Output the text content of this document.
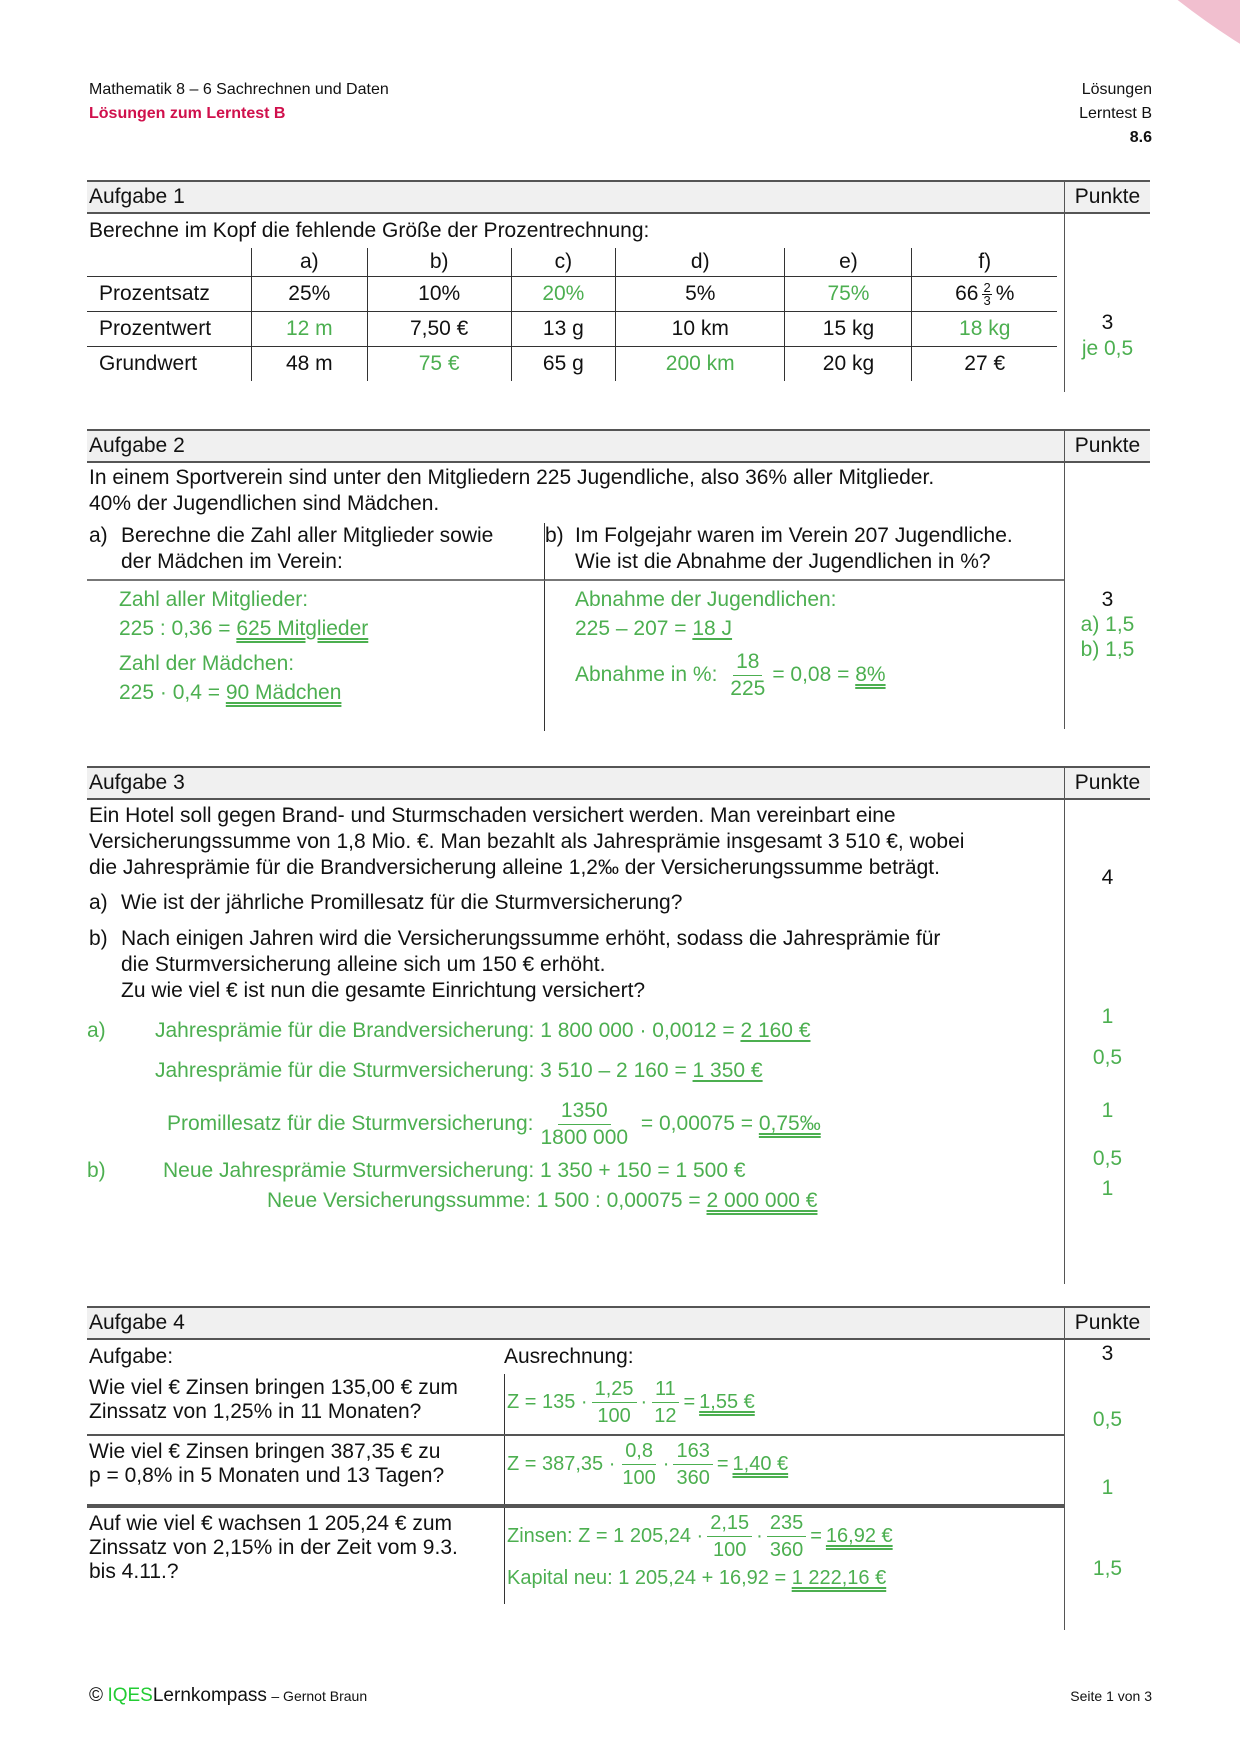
Mathematik 8 – 6 Sachrechnen und Daten
Lösungen zum Lerntest B
Lösungen
Lerntest B
8.6
Aufgabe 1	Punkte
Berechne im Kopf die fehlende Größe der Prozentrechnung:
	a)	b)	c)	d)	e)	f)
Prozentsatz	25%	10%	20%	5%	75%	$66 \frac{2}{3}$ %
Prozentwert	12 m	7,50 €	13 g	10 km	15 kg	18 kg
Grundwert	48 m	75 €	65 g	200 km	20 kg	27 €
3
je 0,5
Aufgabe 2	Punkte
In einem Sportverein sind unter den Mitgliedern 225 Jugendliche, also 36% aller Mitglieder.
40% der Jugendlichen sind Mädchen.
a) Berechne die Zahl aller Mitglieder sowie
der Mädchen im Verein:
b) Im Folgejahr waren im Verein 207 Jugendliche.
Wie ist die Abnahme der Jugendlichen in %?
Zahl aller Mitglieder:
225 : 0,36 = 625 Mitglieder
Zahl der Mädchen:
225 · 0,4 = 90 Mädchen
Abnahme der Jugendlichen:
225 – 207 = 18 J
Abnahme in %: $\frac{18}{225} = 0,08 = 8\%$
3
a) 1,5
b) 1,5
Aufgabe 3	Punkte
Ein Hotel soll gegen Brand- und Sturmschaden versichert werden. Man vereinbart eine
Versicherungssumme von 1,8 Mio. €. Man bezahlt als Jahresprämie insgesamt 3 510 €, wobei
die Jahresprämie für die Brandversicherung alleine 1,2‰ der Versicherungssumme beträgt.
a) Wie ist der jährliche Promillesatz für die Sturmversicherung?
b) Nach einigen Jahren wird die Versicherungssumme erhöht, sodass die Jahresprämie für
die Sturmversicherung alleine sich um 150 € erhöht.
Zu wie viel € ist nun die gesamte Einrichtung versichert?
a) Jahresprämie für die Brandversicherung: 1 800 000 · 0,0012 = 2 160 €
Jahresprämie für die Sturmversicherung: 3 510 – 2 160 = 1 350 €
Promillesatz für die Sturmversicherung: $\frac{1350}{1800 000} = 0,00075$ = 0,75‰
b)	Neue Jahresprämie Sturmversicherung: 1 350 + 150 = 1 500 €
Neue Versicherungssumme: 1 500 : 0,00075 = 2 000 000 €
4
1
0,5
1
0,5
1
Aufgabe 4	Punkte
Aufgabe:	Ausrechnung:
Wie viel € Zinsen bringen 135,00 € zum
Zinssatz von 1,25% in 11 Monaten?	$Z = 135 \cdot \frac{1,25}{100} \cdot \frac{11}{12} = 1,55$ €
Wie viel € Zinsen bringen 387,35 € zu
p = 0,8% in 5 Monaten und 13 Tagen?	$Z = 387,35 \cdot \frac{0,8}{100} \cdot \frac{163}{360} = 1,40$ €
Auf wie viel € wachsen 1 205,24 € zum
Zinssatz von 2,15% in der Zeit vom 9.3.
bis 4.11.?
Zinsen: Z = 1 $205,24 \cdot \frac{2,15}{100} \cdot \frac{235}{360} = 16,92$ €
Kapital neu: 1 205,24 + 16,92 = 1 222,16 €
3
0,5
1
1,5
© IQESLernkompass – Gernot Braun	Seite 1 von 3
